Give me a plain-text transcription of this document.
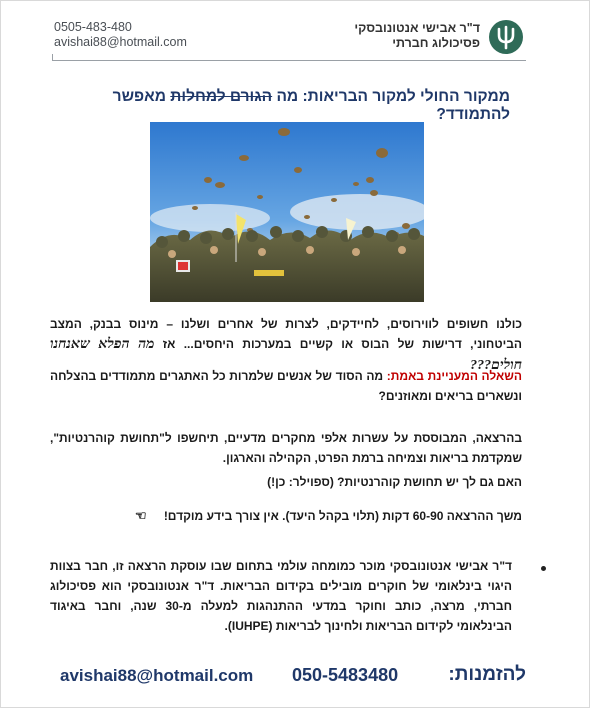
0505-483-480
avishai88@hotmail.com
ד"ר אבישי אנטונובסקי
פסיכולוג חברתי
ממקור החולי למקור הבריאות: מה הגורם למחלות מאפשר להתמודד?
כולנו חשופים לווירוסים, לחיידקים, לצרות של אחרים ושלנו – מינוס בבנק, המצב הביטחוני, דרישות של הבוס או קשיים במערכות היחסים... אז מה הפלא שאנחנו חולים???
השאלה המעניינת באמת: מה הסוד של אנשים שלמרות כל האתגרים מתמודדים בהצלחה ונשארים בריאים ומאוזנים?
בהרצאה, המבוססת על עשרות אלפי מחקרים מדעיים, תיחשפו ל"תחושת קוהרנטיות", שמקדמת בריאות וצמיחה ברמת הפרט, הקהילה והארגון.
האם גם לך יש תחושת קוהרנטיות? (ספוילר: כן!)
משך ההרצאה 60-90 דקות (תלוי בקהל היעד). אין צורך בידע מוקדם! ☜
ד"ר אבישי אנטונובסקי מוכר כמומחה עולמי בתחום שבו עוסקת הרצאה זו, חבר בצוות היגוי בינלאומי של חוקרים מובילים בקידום הבריאות. ד"ר אנטונובסקי הוא פסיכולוג חברתי, מרצה, כותב וחוקר במדעי ההתנהגות למעלה מ-30 שנה, וחבר באיגוד הבינלאומי לקידום הבריאות ולחינוך לבריאות (IUHPE).
להזמנות:
050-5483480
avishai88@hotmail.com
